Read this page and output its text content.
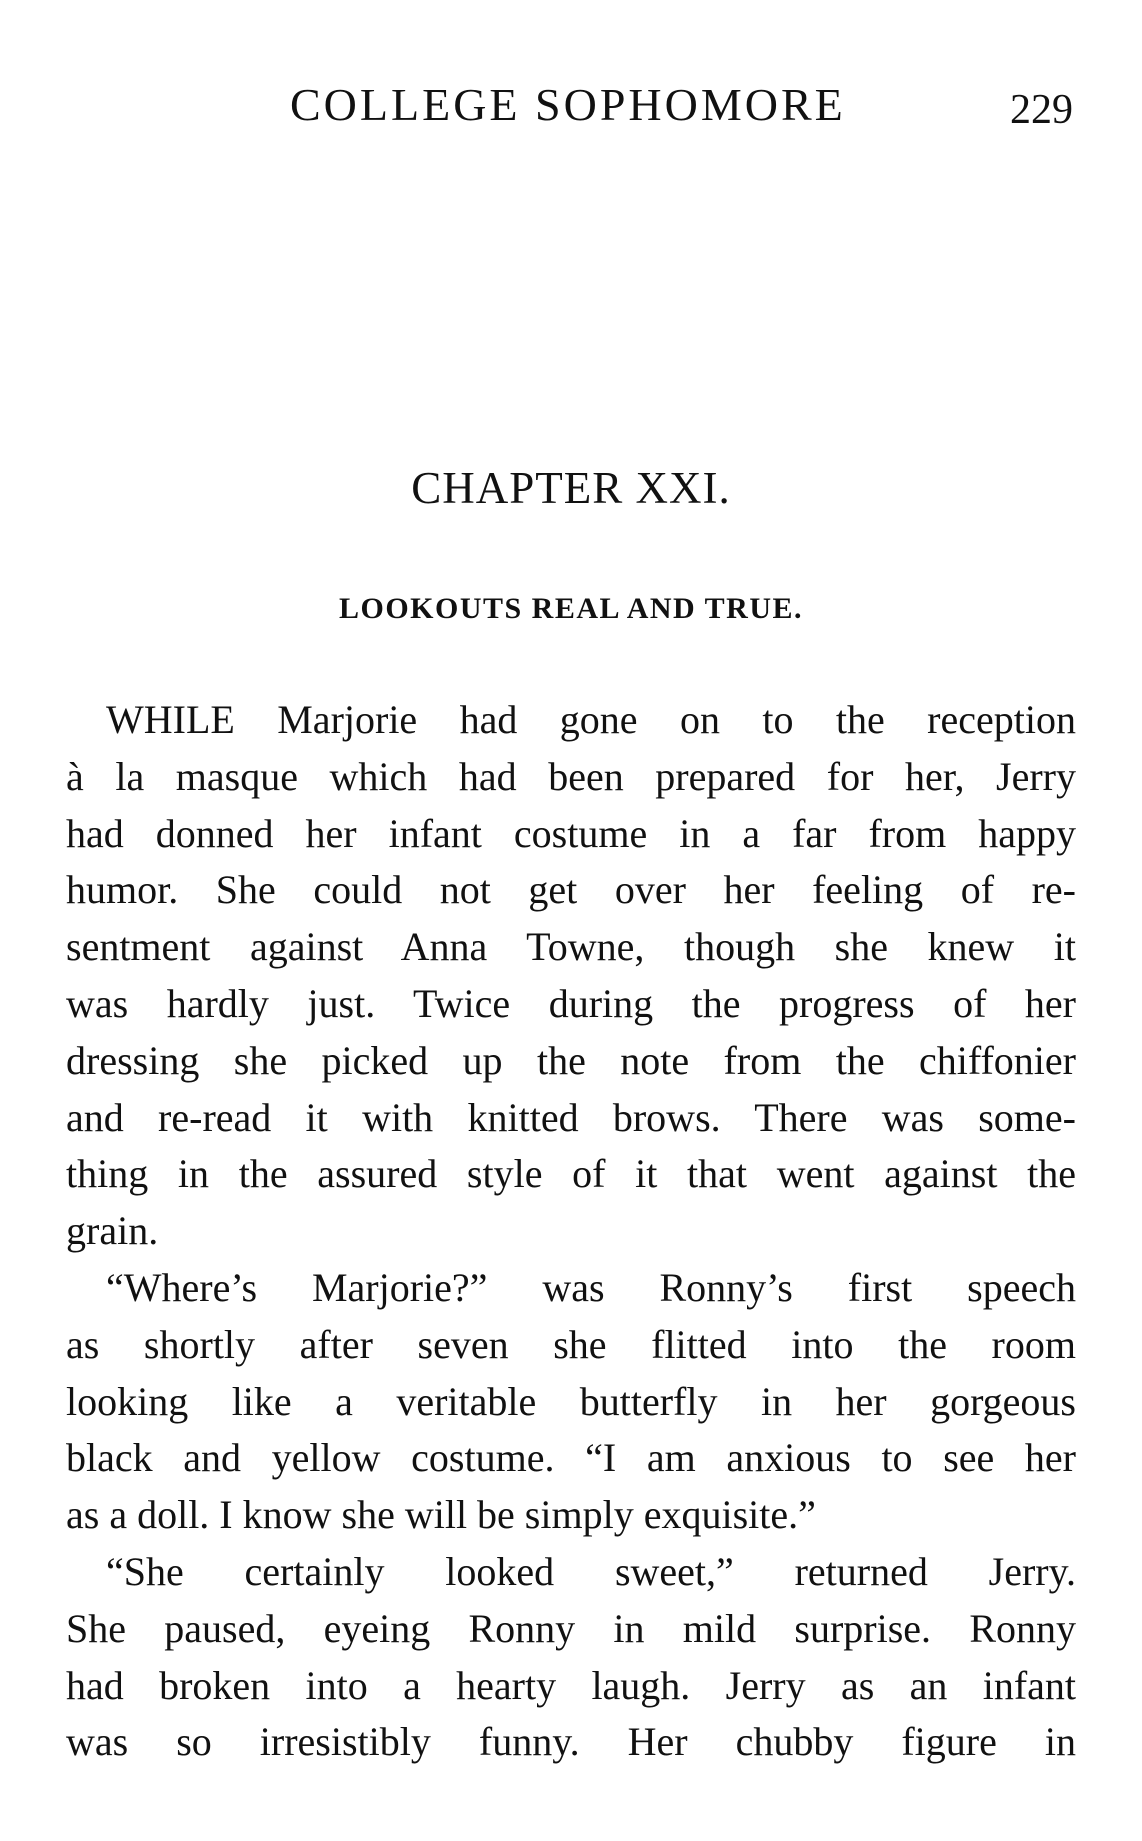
COLLEGE SOPHOMORE	229
CHAPTER XXI.
LOOKOUTS REAL AND TRUE.
WHILE Marjorie had gone on to the reception
à la masque which had been prepared for her, Jerry
had donned her infant costume in a far from happy
humor. She could not get over her feeling of re-
sentment against Anna Towne, though she knew it
was hardly just. Twice during the progress of her
dressing she picked up the note from the chiffonier
and re-read it with knitted brows. There was some-
thing in the assured style of it that went against the
grain.
“Where’s Marjorie?” was Ronny’s first speech
as shortly after seven she flitted into the room
looking like a veritable butterfly in her gorgeous
black and yellow costume. “I am anxious to see her
as a doll. I know she will be simply exquisite.”
“She certainly looked sweet,” returned Jerry.
She paused, eyeing Ronny in mild surprise. Ronny
had broken into a hearty laugh. Jerry as an infant
was so irresistibly funny. Her chubby figure in
